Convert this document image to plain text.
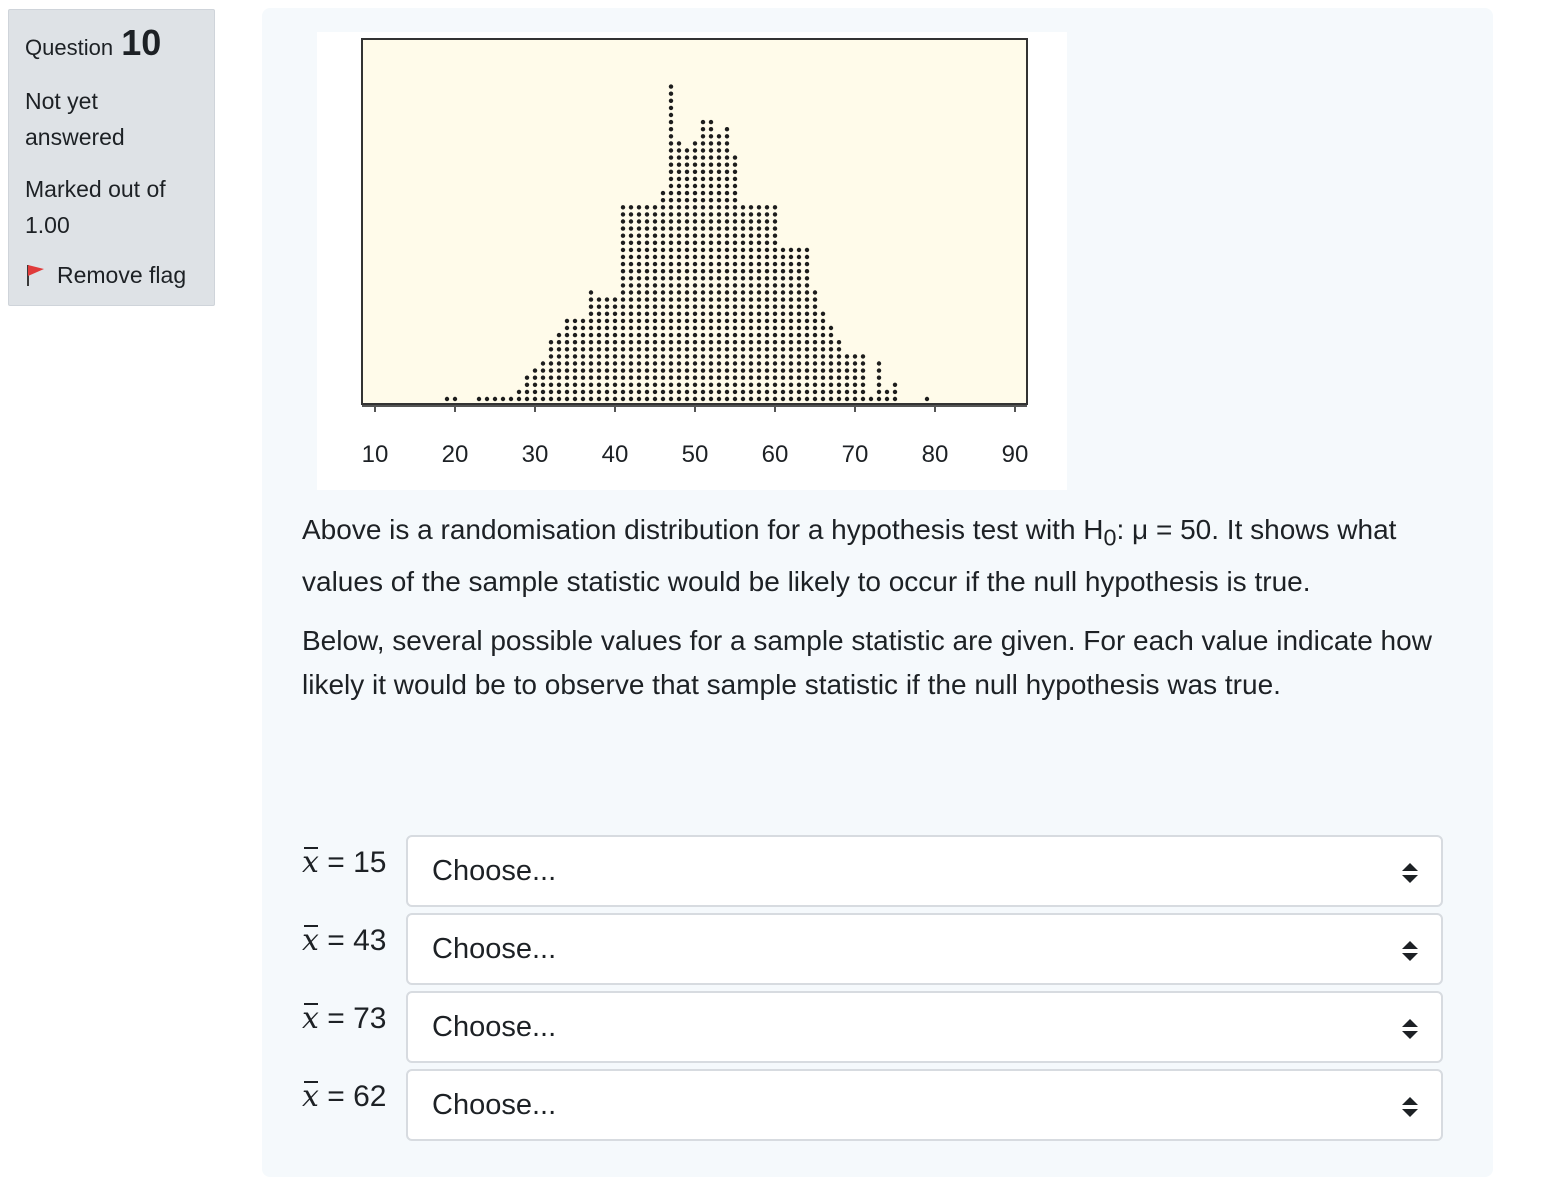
Question 10
Not yet answered
Marked out of 1.00
Remove flag
10 20 30 40 50 60 70 80 90

Above is a randomisation distribution for a hypothesis test with $H_0$: μ = 50. It shows what values of the sample statistic would be likely to occur if the null hypothesis is true.

Below, several possible values for a sample statistic are given. For each value indicate how likely it would be to observe that sample statistic if the null hypothesis was true.

x = 15 Choose...
x = 43 Choose...
x = 73 Choose...
x = 62 Choose...
